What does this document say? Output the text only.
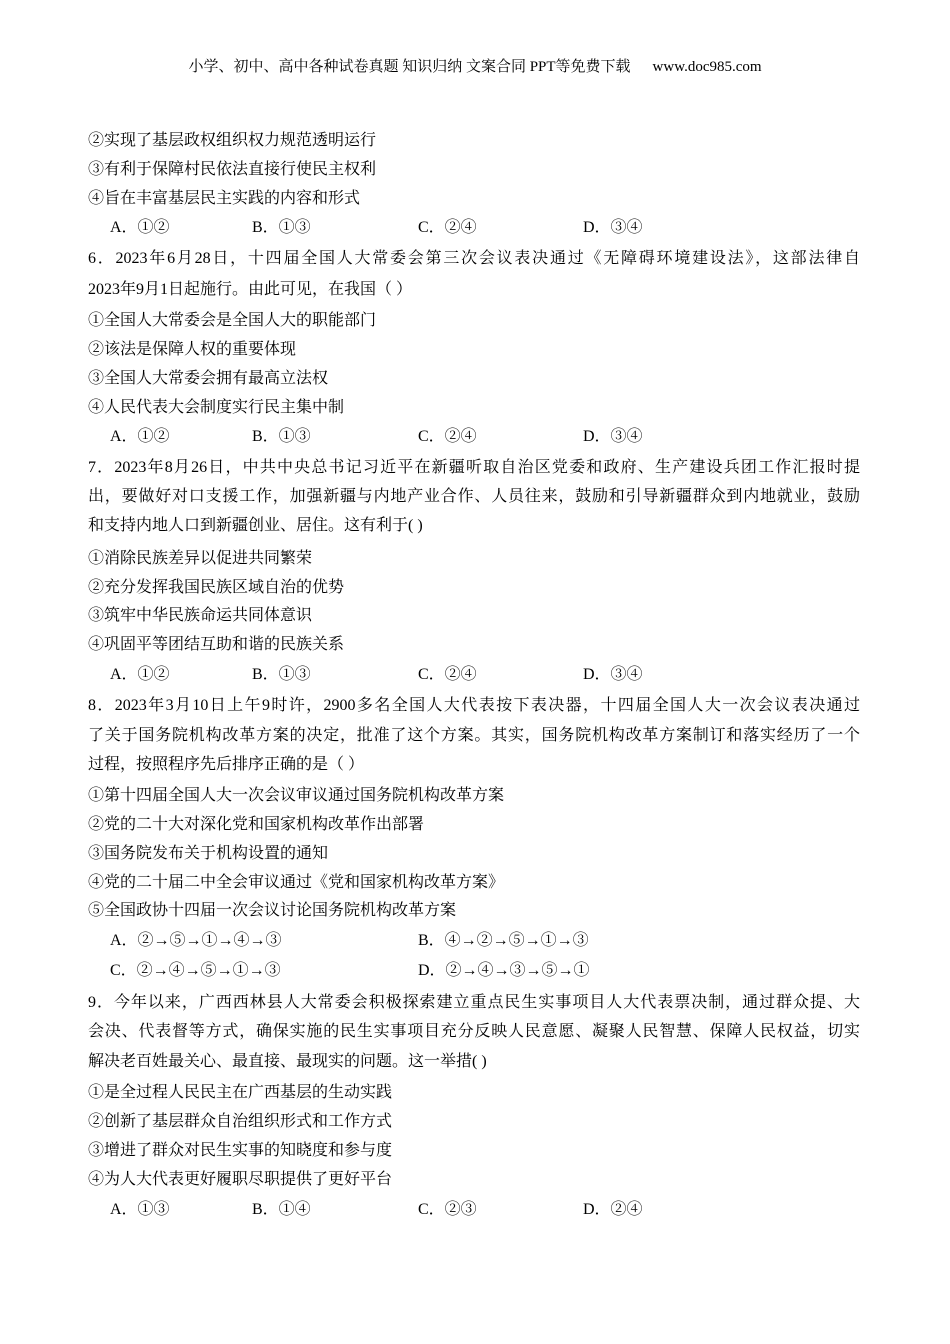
小学、初中、高中各种试卷真题 知识归纳 文案合同 PPT等免费下载 www.doc985.com
②实现了基层政权组织权力规范透明运行
③有利于保障村民依法直接行使民主权利
④旨在丰富基层民主实践的内容和形式
A．①②	B．①③	C．②④	D．③④
6．2023年6月28日，十四届全国人大常委会第三次会议表决通过《无障碍环境建设法》，这部法律自
2023年9月1日起施行。由此可见，在我国（ ）
①全国人大常委会是全国人大的职能部门
②该法是保障人权的重要体现
③全国人大常委会拥有最高立法权
④人民代表大会制度实行民主集中制
A．①②	B．①③	C．②④	D．③④
7．2023年8月26日，中共中央总书记习近平在新疆听取自治区党委和政府、生产建设兵团工作汇报时提
出，要做好对口支援工作，加强新疆与内地产业合作、人员往来，鼓励和引导新疆群众到内地就业，鼓励
和支持内地人口到新疆创业、居住。这有利于( )
①消除民族差异以促进共同繁荣
②充分发挥我国民族区域自治的优势
③筑牢中华民族命运共同体意识
④巩固平等团结互助和谐的民族关系
A．①②	B．①③	C．②④	D．③④
8．2023年3月10日上午9时许，2900多名全国人大代表按下表决器，十四届全国人大一次会议表决通过
了关于国务院机构改革方案的决定，批准了这个方案。其实，国务院机构改革方案制订和落实经历了一个
过程，按照程序先后排序正确的是（ ）
①第十四届全国人大一次会议审议通过国务院机构改革方案
②党的二十大对深化党和国家机构改革作出部署
③国务院发布关于机构设置的通知
④党的二十届二中全会审议通过《党和国家机构改革方案》
⑤全国政协十四届一次会议讨论国务院机构改革方案
A．②→⑤→①→④→③	B．④→②→⑤→①→③
C．②→④→⑤→①→③	D．②→④→③→⑤→①
9．今年以来，广西西林县人大常委会积极探索建立重点民生实事项目人大代表票决制，通过群众提、大
会决、代表督等方式，确保实施的民生实事项目充分反映人民意愿、凝聚人民智慧、保障人民权益，切实
解决老百姓最关心、最直接、最现实的问题。这一举措( )
①是全过程人民民主在广西基层的生动实践
②创新了基层群众自治组织形式和工作方式
③增进了群众对民生实事的知晓度和参与度
④为人大代表更好履职尽职提供了更好平台
A．①③	B．①④	C．②③	D．②④
